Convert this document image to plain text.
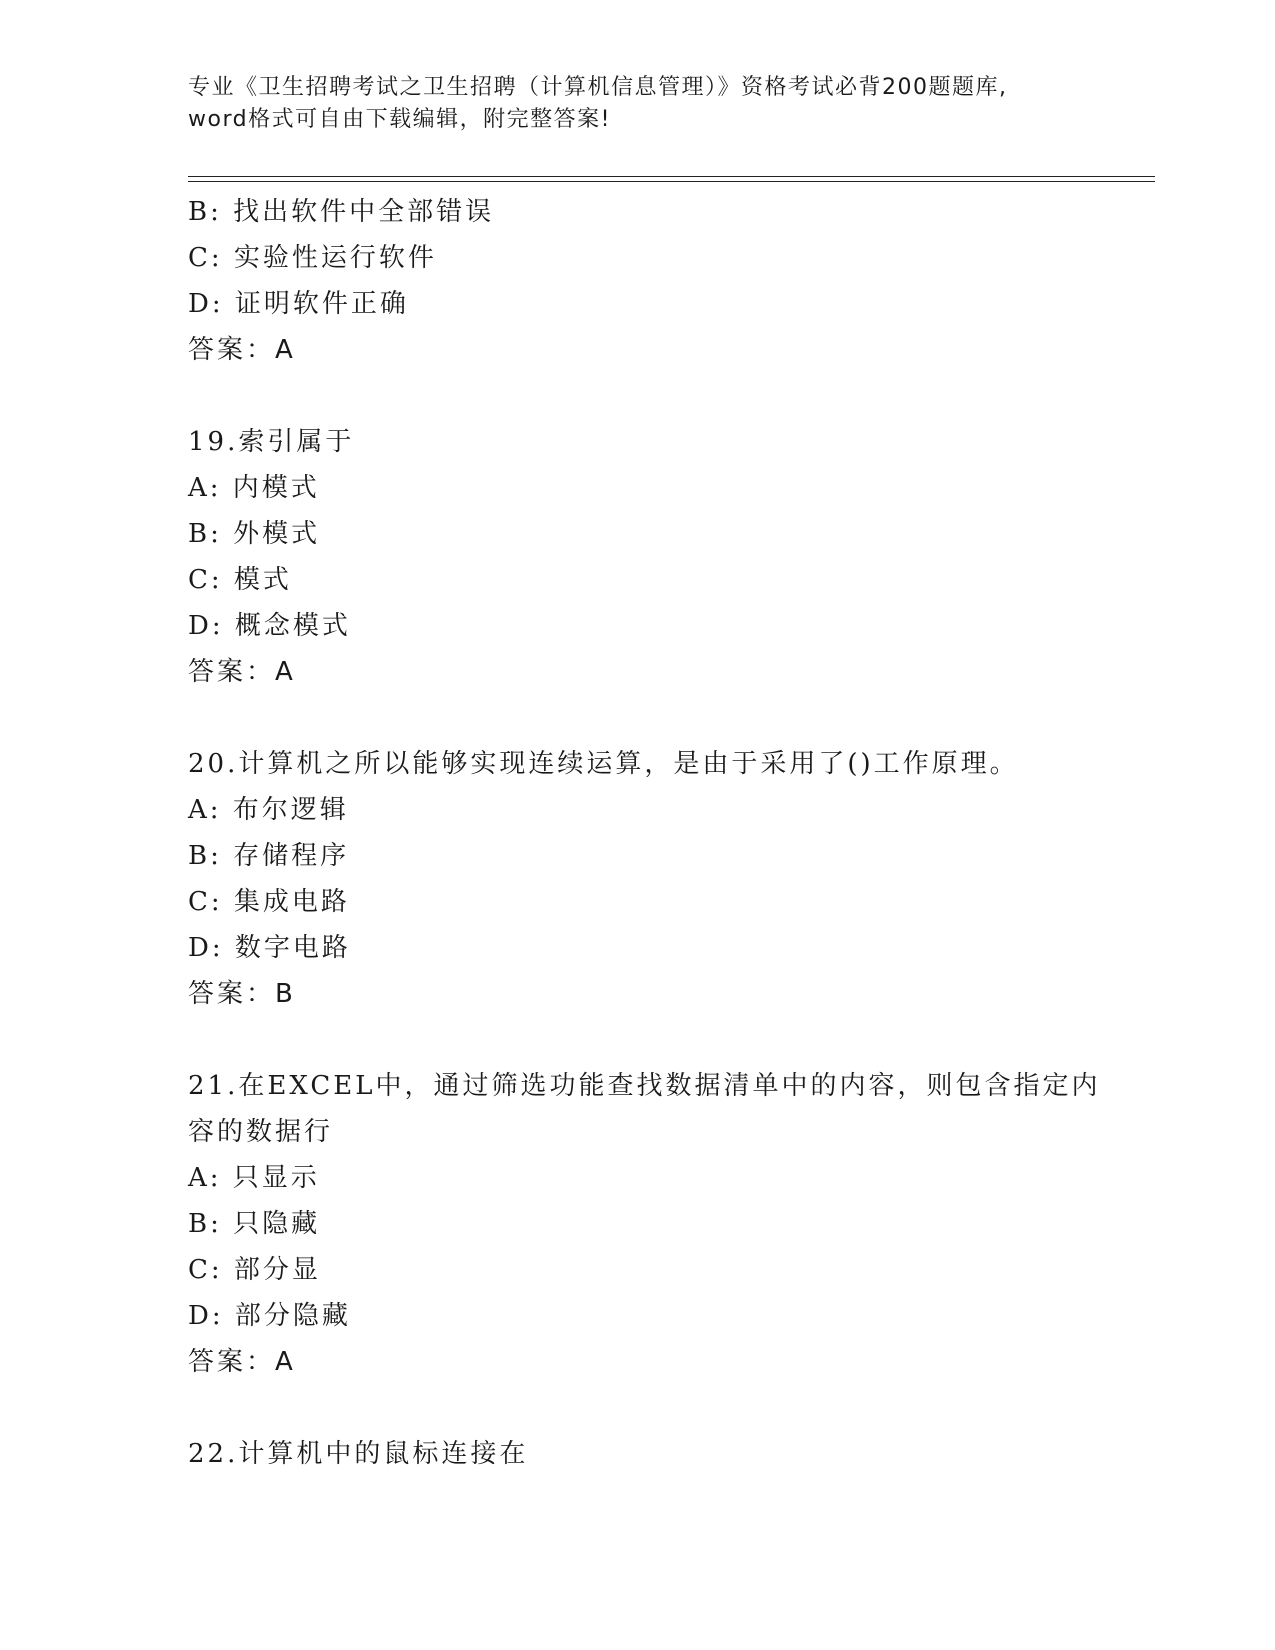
专业《卫生招聘考试之卫生招聘（计算机信息管理）》资格考试必背200题题库,
word格式可自由下载编辑，附完整答案!
B: 找出软件中全部错误
C: 实验性运行软件
D: 证明软件正确
答案：A
19.索引属于
A: 内模式
B: 外模式
C: 模式
D: 概念模式
答案：A
20.计算机之所以能够实现连续运算，是由于采用了()工作原理。
A: 布尔逻辑
B: 存储程序
C: 集成电路
D: 数字电路
答案：B
21.在EXCEL中，通过筛选功能查找数据清单中的内容，则包含指定内
容的数据行
A: 只显示
B: 只隐藏
C: 部分显
D: 部分隐藏
答案：A
22.计算机中的鼠标连接在
